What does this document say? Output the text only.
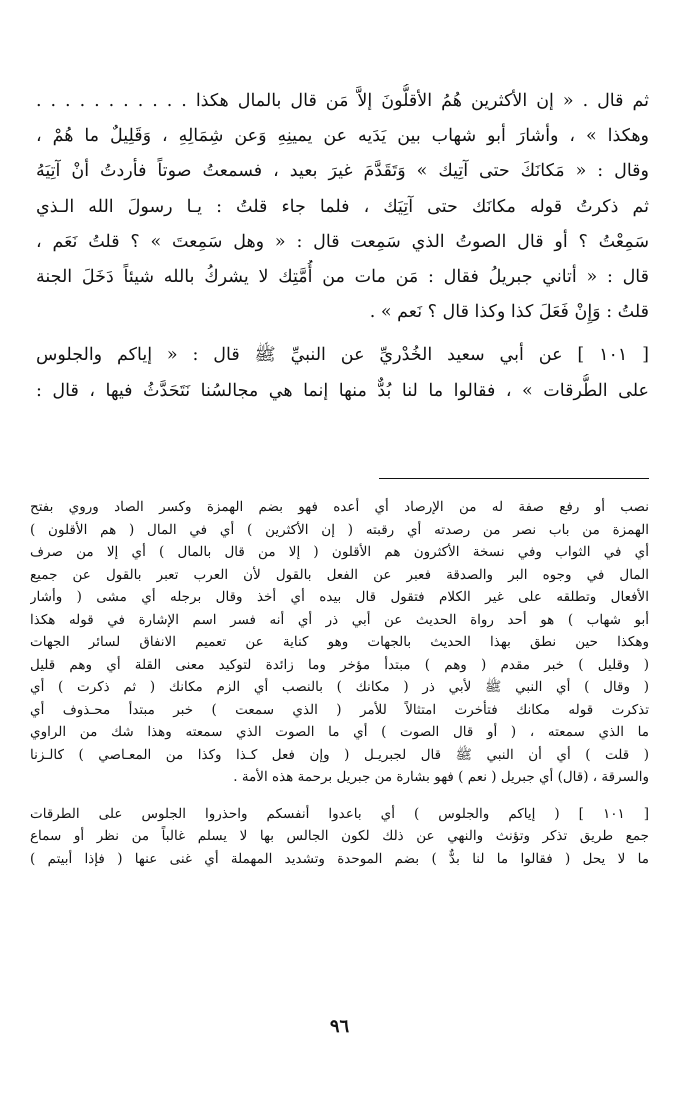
ثم قال . « إن الأكثرين هُمُ الأقلُّونَ إلاَّ مَن قال بالمال هكذا . . . . . . . . . . .
وهكذا » ، وأشارَ أبو شهاب بين يَدَيه عن يمينِهِ وَعن شِمَالِهِ ، وَقَلِيلٌ ما هُمْ ،
وقال : « مَكانَكَ حتى آتِيك » وَتَقَدَّمَ غيرَ بعيد ، فسمعتُ صوتاً فأردتُ أنْ آتِيَهُ
ثم ذكرتُ قوله مكانَك حتى آتِيَك ، فلما جاء قلتُ : يـا رسولَ الله الـذي
سَمِعْتُ ؟ أو قال الصوتُ الذي سَمِعت قال : « وهل سَمِعتَ » ؟ قلتُ نَعَم ،
قال : « أتاني جبريلُ فقال : مَن مات من أُمَّتِك لا يشركُ بالله شيئاً دَخَلَ الجنة
قلتُ : وَإِنْ فَعَلَ كذا وكذا قال ؟ نَعم » .
[ ١٠١ ] عن أبي سعيد الخُدْريِّ عن النبيِّ ﷺ قال : « إياكم والجلوس
على الطُّرقات » ، فقالوا ما لنا بُدٌّ منها إنما هي مجالسُنا نَتَحَدَّثُ فيها ، قال :
نصب أو رفع صفة له من الإرصاد أي أعده فهو بضم الهمزة وكسر الصاد وروي بفتح
الهمزة من باب نصر من رصدته أي رقبته ( إن الأكثرين ) أي في المال ( هم الأقلون )
أي في الثواب وفي نسخة الأكثرون هم الأقلون ( إلا من قال بالمال ) أي إلا من صرف
المال في وجوه البر والصدقة فعبر عن الفعل بالقول لأن العرب تعبر بالقول عن جميع
الأفعال وتطلقه على غير الكلام فتقول قال بيده أي أخذ وقال برجله أي مشى ( وأشار
أبو شهاب ) هو أحد رواة الحديث عن أبي ذر أي أنه فسر اسم الإشارة في قوله هكذا
وهكذا حين نطق بهذا الحديث بالجهات وهو كناية عن تعميم الانفاق لسائر الجهات
( وقليل ) خبر مقدم ( وهم ) مبتدأ مؤخر وما زائدة لتوكيد معنى القلة أي وهم قليل
( وقال ) أي النبي ﷺ لأبي ذر ( مكانك ) بالنصب أي الزم مكانك ( ثم ذكرت ) أي
تذكرت قوله مكانك فتأخرت امتثالاً للأمر ( الذي سمعت ) خبر مبتدأ محـذوف أي
ما الذي سمعته ، ( أو قال الصوت ) أي ما الصوت الذي سمعته وهذا شك من الراوي
( قلت ) أي أن النبي ﷺ قال لجبريـل ( وإن فعل كـذا وكذا من المعـاصي ) كالـزنا
والسرقة ، (قال) أي جبريل ( نعم ) فهو بشارة من جبريل برحمة هذه الأمة .
[ ١٠١ ] ( إياكم والجلوس ) أي باعدوا أنفسكم واحذروا الجلوس على الطرقات
جمع طريق تذكر وتؤنث والنهي عن ذلك لكون الجالس بها لا يسلم غالباً من نظر أو سماع
ما لا يحل ( فقالوا ما لنا بدٌّ ) بضم الموحدة وتشديد المهملة أي غنى عنها ( فإذا أبيتم )
٩٦
